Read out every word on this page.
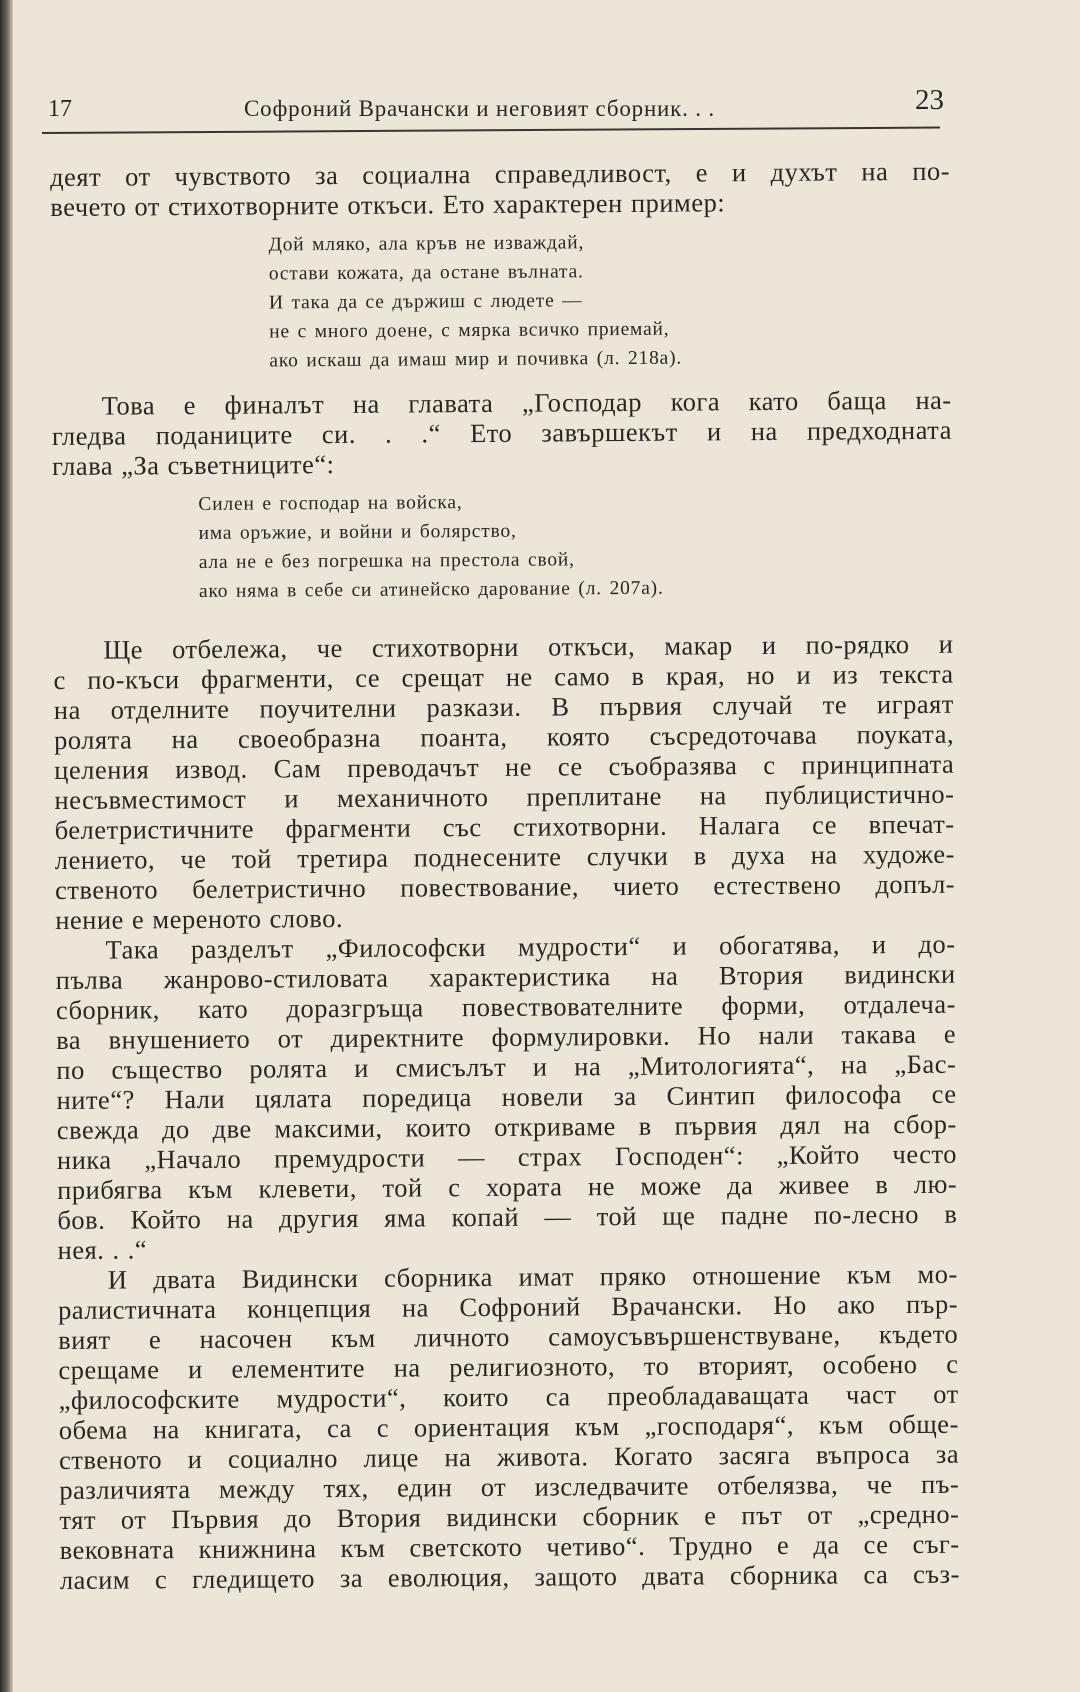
17	Софроний Врачански и неговият сборник. . .	23
деят от чувството за социална справедливост, е и духът на по-
вечето от стихотворните откъси. Ето характерен пример:
Дой мляко, ала кръв не изваждай,
остави кожата, да остане вълната.
И така да се държиш с людете —
не с много доене, с мярка всичко приемай,
ако искаш да имаш мир и почивка (л. 218а).
Това е финалът на главата „Господар кога като баща на-
гледва поданиците си. . .“ Ето завършекът и на предходната
глава „За съветниците“:
Силен е господар на войска,
има оръжие, и войни и болярство,
ала не е без погрешка на престола свой,
ако няма в себе си атинейско дарование (л. 207а).
Ще отбележа, че стихотворни откъси, макар и по-рядко и
с по-къси фрагменти, се срещат не само в края, но и из текста
на отделните поучителни разкази. В първия случай те играят
ролята на своеобразна поанта, която съсредоточава поуката,
целения извод. Сам преводачът не се съобразява с принципната
несъвместимост и механичното преплитане на публицистично-
белетристичните фрагменти със стихотворни. Налага се впечат-
лението, че той третира поднесените случки в духа на художе-
ственото белетристично повествование, чието естествено допъл-
нение е мереното слово.
Така разделът „Философски мудрости“ и обогатява, и до-
пълва жанрово-стиловата характеристика на Втория видински
сборник, като доразгръща повествователните форми, отдалеча-
ва внушението от директните формулировки. Но нали такава е
по същество ролята и смисълът и на „Митологията“, на „Бас-
ните“? Нали цялата поредица новели за Синтип философа се
свежда до две максими, които откриваме в първия дял на сбор-
ника „Начало премудрости — страх Господен“: „Който често
прибягва към клевети, той с хората не може да живее в лю-
бов. Който на другия яма копай — той ще падне по-лесно в
нея. . .“
И двата Видински сборника имат пряко отношение към мо-
ралистичната концепция на Софроний Врачански. Но ако пър-
вият е насочен към личното самоусъвършенствуване, където
срещаме и елементите на религиозното, то вторият, особено с
„философските мудрости“, които са преобладаващата част от
обема на книгата, са с ориентация към „господаря“, към обще-
ственото и социално лице на живота. Когато засяга въпроса за
различията между тях, един от изследвачите отбелязва, че пъ-
тят от Първия до Втория видински сборник е път от „средно-
вековната книжнина към светското четиво“. Трудно е да се съг-
ласим с гледището за еволюция, защото двата сборника са съз-
